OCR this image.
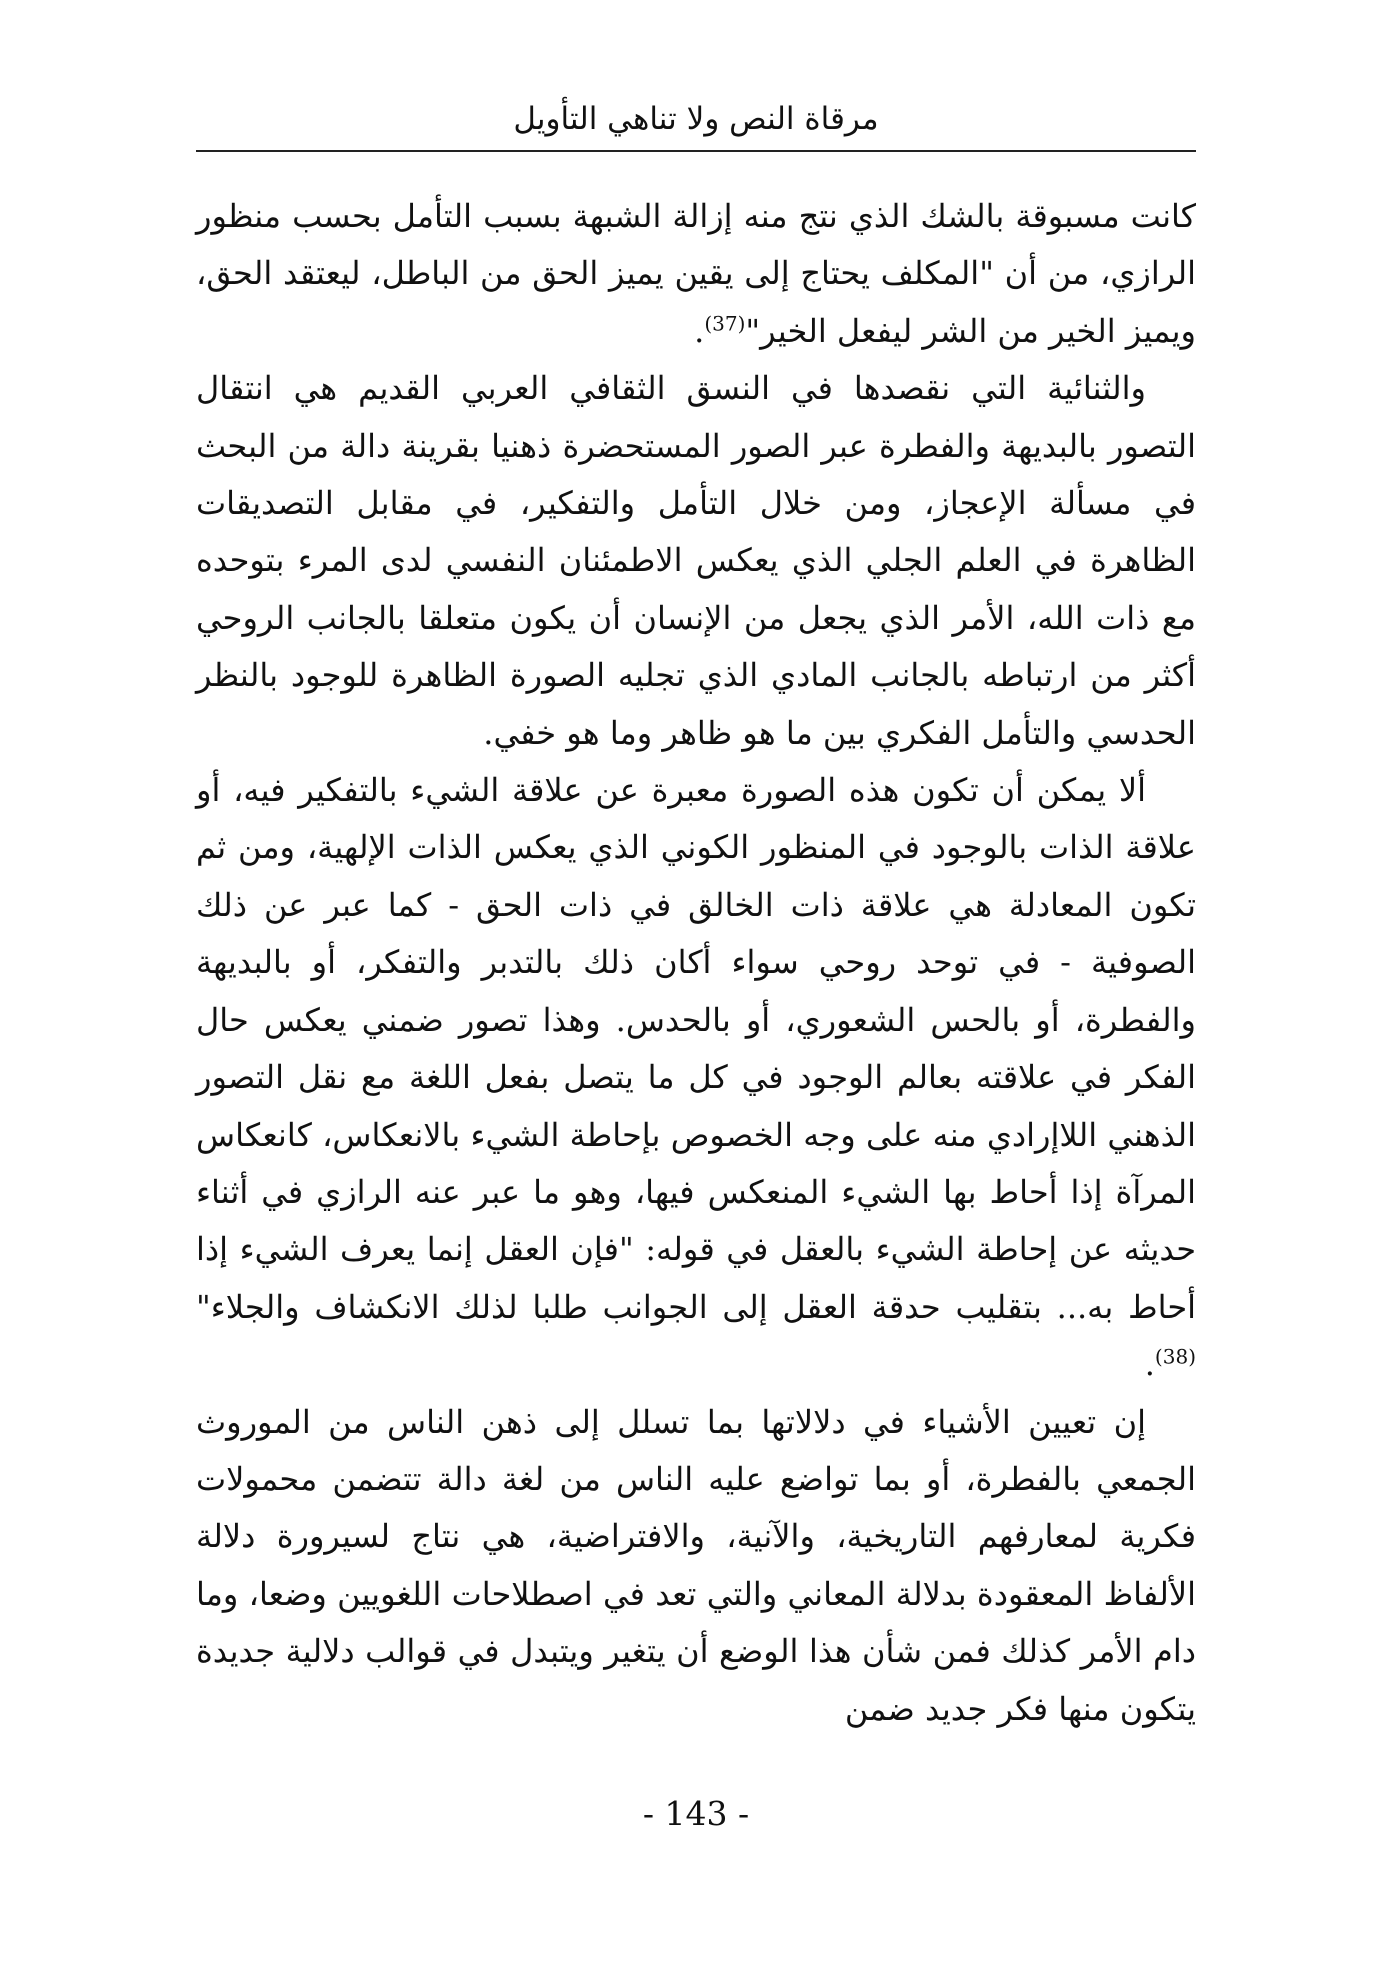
مرقاة النص ولا تناهي التأويل

كانت مسبوقة بالشك الذي نتج منه إزالة الشبهة بسبب التأمل بحسب منظور الرازي، من أن "المكلف يحتاج إلى يقين يميز الحق من الباطل، ليعتقد الحق، ويميز الخير من الشر ليفعل الخير"$^{(37)}$.

والثنائية التي نقصدها في النسق الثقافي العربي القديم هي انتقال التصور بالبديهة والفطرة عبر الصور المستحضرة ذهنيا بقرينة دالة من البحث في مسألة الإعجاز، ومن خلال التأمل والتفكير، في مقابل التصديقات الظاهرة في العلم الجلي الذي يعكس الاطمئنان النفسي لدى المرء بتوحده مع ذات الله، الأمر الذي يجعل من الإنسان أن يكون متعلقا بالجانب الروحي أكثر من ارتباطه بالجانب المادي الذي تجليه الصورة الظاهرة للوجود بالنظر الحدسي والتأمل الفكري بين ما هو ظاهر وما هو خفي.

ألا يمكن أن تكون هذه الصورة معبرة عن علاقة الشيء بالتفكير فيه، أو علاقة الذات بالوجود في المنظور الكوني الذي يعكس الذات الإلهية، ومن ثم تكون المعادلة هي علاقة ذات الخالق في ذات الحق - كما عبر عن ذلك الصوفية - في توحد روحي سواء أكان ذلك بالتدبر والتفكر، أو بالبديهة والفطرة، أو بالحس الشعوري، أو بالحدس. وهذا تصور ضمني يعكس حال الفكر في علاقته بعالم الوجود في كل ما يتصل بفعل اللغة مع نقل التصور الذهني اللاإرادي منه على وجه الخصوص بإحاطة الشيء بالانعكاس، كانعكاس المرآة إذا أحاط بها الشيء المنعكس فيها، وهو ما عبر عنه الرازي في أثناء حديثه عن إحاطة الشيء بالعقل في قوله: "فإن العقل إنما يعرف الشيء إذا أحاط به... بتقليب حدقة العقل إلى الجوانب طلبا لذلك الانكشاف والجلاء"$^{(38)}$.

إن تعيين الأشياء في دلالاتها بما تسلل إلى ذهن الناس من الموروث الجمعي بالفطرة، أو بما تواضع عليه الناس من لغة دالة تتضمن محمولات فكرية لمعارفهم التاريخية، والآنية، والافتراضية، هي نتاج لسيرورة دلالة الألفاظ المعقودة بدلالة المعاني والتي تعد في اصطلاحات اللغويين وضعا، وما دام الأمر كذلك فمن شأن هذا الوضع أن يتغير ويتبدل في قوالب دلالية جديدة يتكون منها فكر جديد ضمن

- 143 -
